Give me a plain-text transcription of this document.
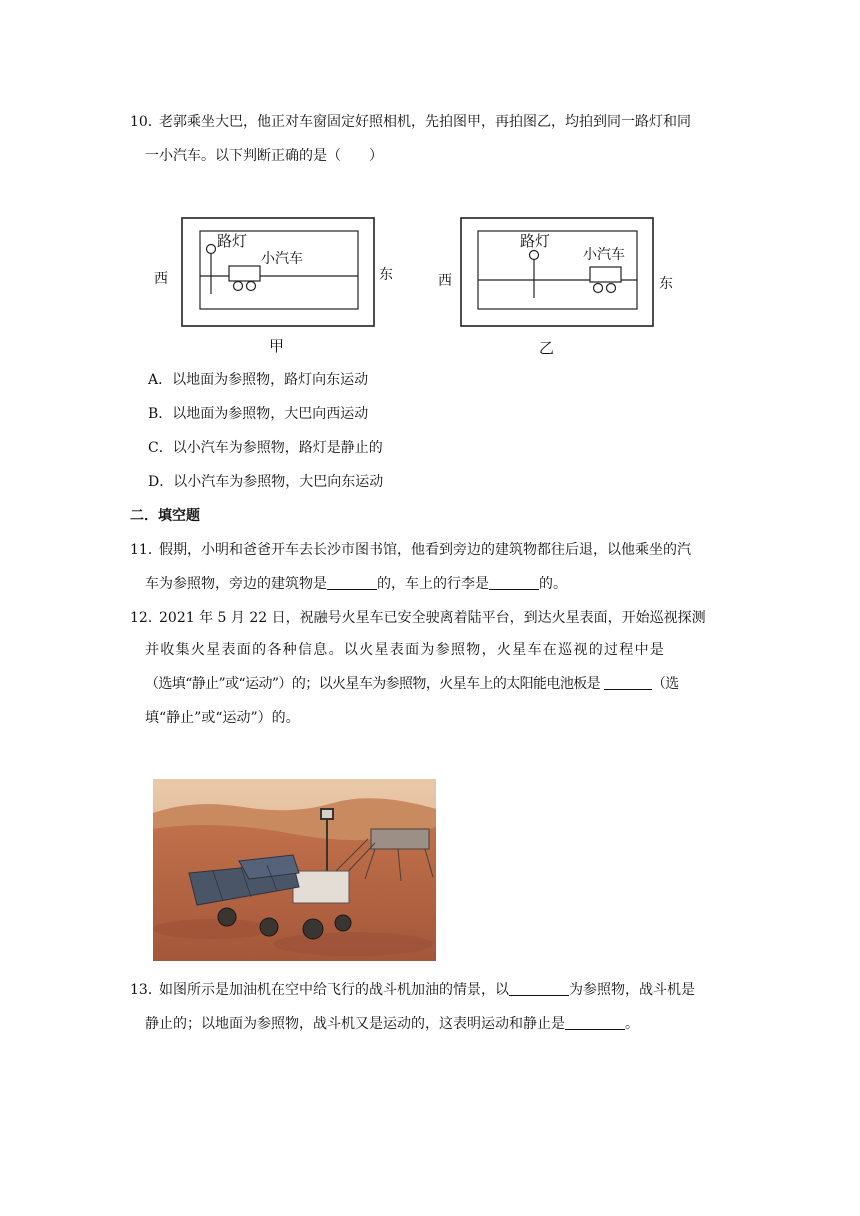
10．
老郭乘坐大巴，他正对车窗固定好照相机，先拍图甲，再拍图乙，均拍到同一路灯和同
一小汽车。以下判断正确的是（　　）
路灯
小汽车
甲
西	东
路灯
小汽车
乙
西	东
A．以地面为参照物，路灯向东运动
B．以地面为参照物，大巴向西运动
C．以小汽车为参照物，路灯是静止的
D．以小汽车为参照物，大巴向东运动
二．填空题
11．
假期，小明和爸爸开车去长沙市图书馆，他看到旁边的建筑物都往后退，以他乘坐的汽
车为参照物，旁边的建筑物是	的，车上的行李是	的。
12．
2021 年 5 月 22 日，祝融号火星车已安全驶离着陆平台，到达火星表面，开始巡视探测
并收集火星表面的各种信息。以火星表面为参照物，火星车在巡视的过程中是
（选填“静止”或“运动”）的；以火星车为参照物，火星车上的太阳能电池板是	（选
填“静止”或“运动”）的。
13．
如图所示是加油机在空中给飞行的战斗机加油的情景，以	为参照物，战斗机是
静止的；以地面为参照物，战斗机又是运动的，这表明运动和静止是	。
